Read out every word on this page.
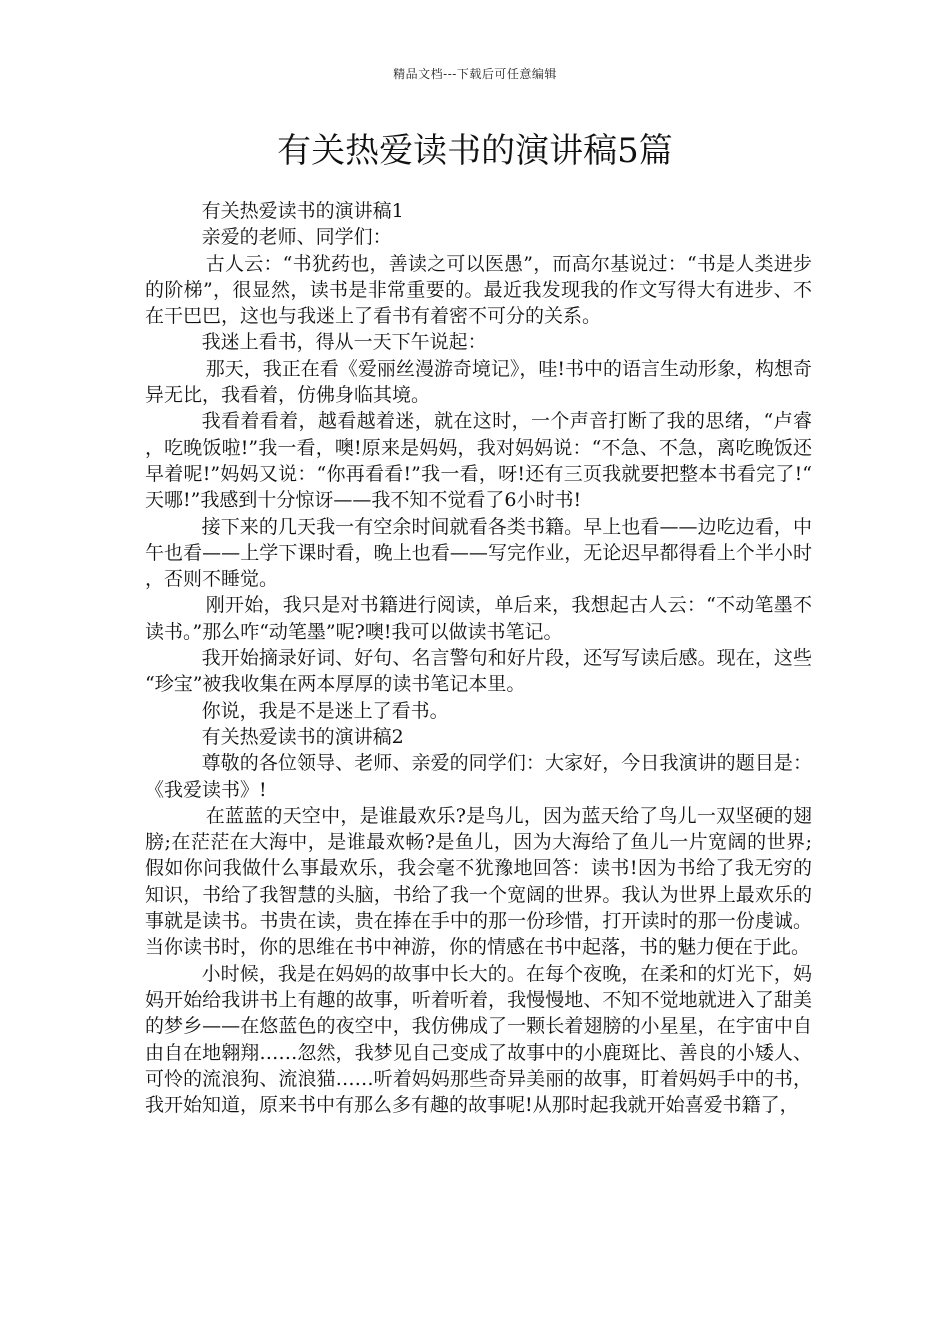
精品文档---下载后可任意编辑
有关热爱读书的演讲稿5篇

有关热爱读书的演讲稿1

亲爱的老师、同学们：

古人云：“书犹药也，善读之可以医愚”，而高尔基说过：“书是人类进步的阶梯”，很显然，读书是非常重要的。最近我发现我的作文写得大有进步、不在干巴巴，这也与我迷上了看书有着密不可分的关系。

我迷上看书，得从一天下午说起：

那天，我正在看《爱丽丝漫游奇境记》，哇!书中的语言生动形象，构想奇异无比，我看着，仿佛身临其境。

我看着看着，越看越着迷，就在这时，一个声音打断了我的思绪，“卢睿，吃晚饭啦!”我一看，噢!原来是妈妈，我对妈妈说：“不急、不急，离吃晚饭还早着呢!”妈妈又说：“你再看看!”我一看，呀!还有三页我就要把整本书看完了!“天哪!”我感到十分惊讶——我不知不觉看了6小时书!

接下来的几天我一有空余时间就看各类书籍。早上也看——边吃边看，中午也看——上学下课时看，晚上也看——写完作业，无论迟早都得看上个半小时，否则不睡觉。

刚开始，我只是对书籍进行阅读，单后来，我想起古人云：“不动笔墨不读书。”那么咋“动笔墨”呢?噢!我可以做读书笔记。

我开始摘录好词、好句、名言警句和好片段，还写写读后感。现在，这些“珍宝”被我收集在两本厚厚的读书笔记本里。

你说，我是不是迷上了看书。

有关热爱读书的演讲稿2

尊敬的各位领导、老师、亲爱的同学们：大家好，今日我演讲的题目是：《我爱读书》!

在蓝蓝的天空中，是谁最欢乐?是鸟儿，因为蓝天给了鸟儿一双坚硬的翅膀;在茫茫在大海中，是谁最欢畅?是鱼儿，因为大海给了鱼儿一片宽阔的世界;假如你问我做什么事最欢乐，我会毫不犹豫地回答：读书!因为书给了我无穷的知识，书给了我智慧的头脑，书给了我一个宽阔的世界。我认为世界上最欢乐的事就是读书。书贵在读，贵在捧在手中的那一份珍惜，打开读时的那一份虔诚。当你读书时，你的思维在书中神游，你的情感在书中起落，书的魅力便在于此。

小时候，我是在妈妈的故事中长大的。在每个夜晚，在柔和的灯光下，妈妈开始给我讲书上有趣的故事，听着听着，我慢慢地、不知不觉地就进入了甜美的梦乡——在悠蓝色的夜空中，我仿佛成了一颗长着翅膀的小星星，在宇宙中自由自在地翱翔……忽然，我梦见自己变成了故事中的小鹿斑比、善良的小矮人、可怜的流浪狗、流浪猫……听着妈妈那些奇异美丽的故事，盯着妈妈手中的书，我开始知道，原来书中有那么多有趣的故事呢!从那时起我就开始喜爱书籍了，
